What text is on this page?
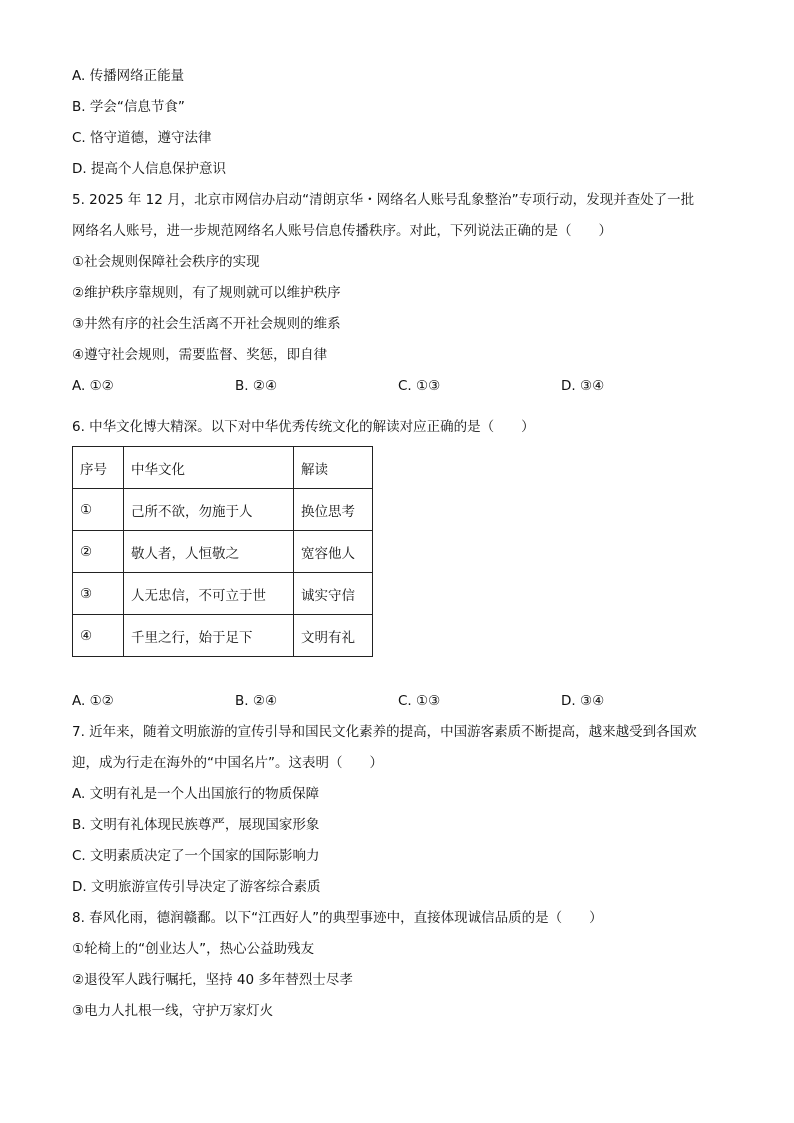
A. 传播网络正能量
B. 学会“信息节食”
C. 恪守道德，遵守法律
D. 提高个人信息保护意识
5. 2025 年 12 月，北京市网信办启动“清朗京华・网络名人账号乱象整治”专项行动，发现并查处了一批
网络名人账号，进一步规范网络名人账号信息传播秩序。对此，下列说法正确的是（　　）
①社会规则保障社会秩序的实现
②维护秩序靠规则，有了规则就可以维护秩序
③井然有序的社会生活离不开社会规则的维系
④遵守社会规则，需要监督、奖惩，即自律
A. ①②	B. ②④	C. ①③	D. ③④
6. 中华文化博大精深。以下对中华优秀传统文化的解读对应正确的是（　　）
序号	中华文化	解读
①	己所不欲，勿施于人	换位思考
②	敬人者，人恒敬之	宽容他人
③	人无忠信，不可立于世	诚实守信
④	千里之行，始于足下	文明有礼
A. ①②	B. ②④	C. ①③	D. ③④
7. 近年来，随着文明旅游的宣传引导和国民文化素养的提高，中国游客素质不断提高，越来越受到各国欢
迎，成为行走在海外的“中国名片”。这表明（　　）
A. 文明有礼是一个人出国旅行的物质保障
B. 文明有礼体现民族尊严，展现国家形象
C. 文明素质决定了一个国家的国际影响力
D. 文明旅游宣传引导决定了游客综合素质
8. 春风化雨，德润赣鄱。以下“江西好人”的典型事迹中，直接体现诚信品质的是（　　）
①轮椅上的“创业达人”，热心公益助残友
②退役军人践行嘱托，坚持 40 多年替烈士尽孝
③电力人扎根一线，守护万家灯火
